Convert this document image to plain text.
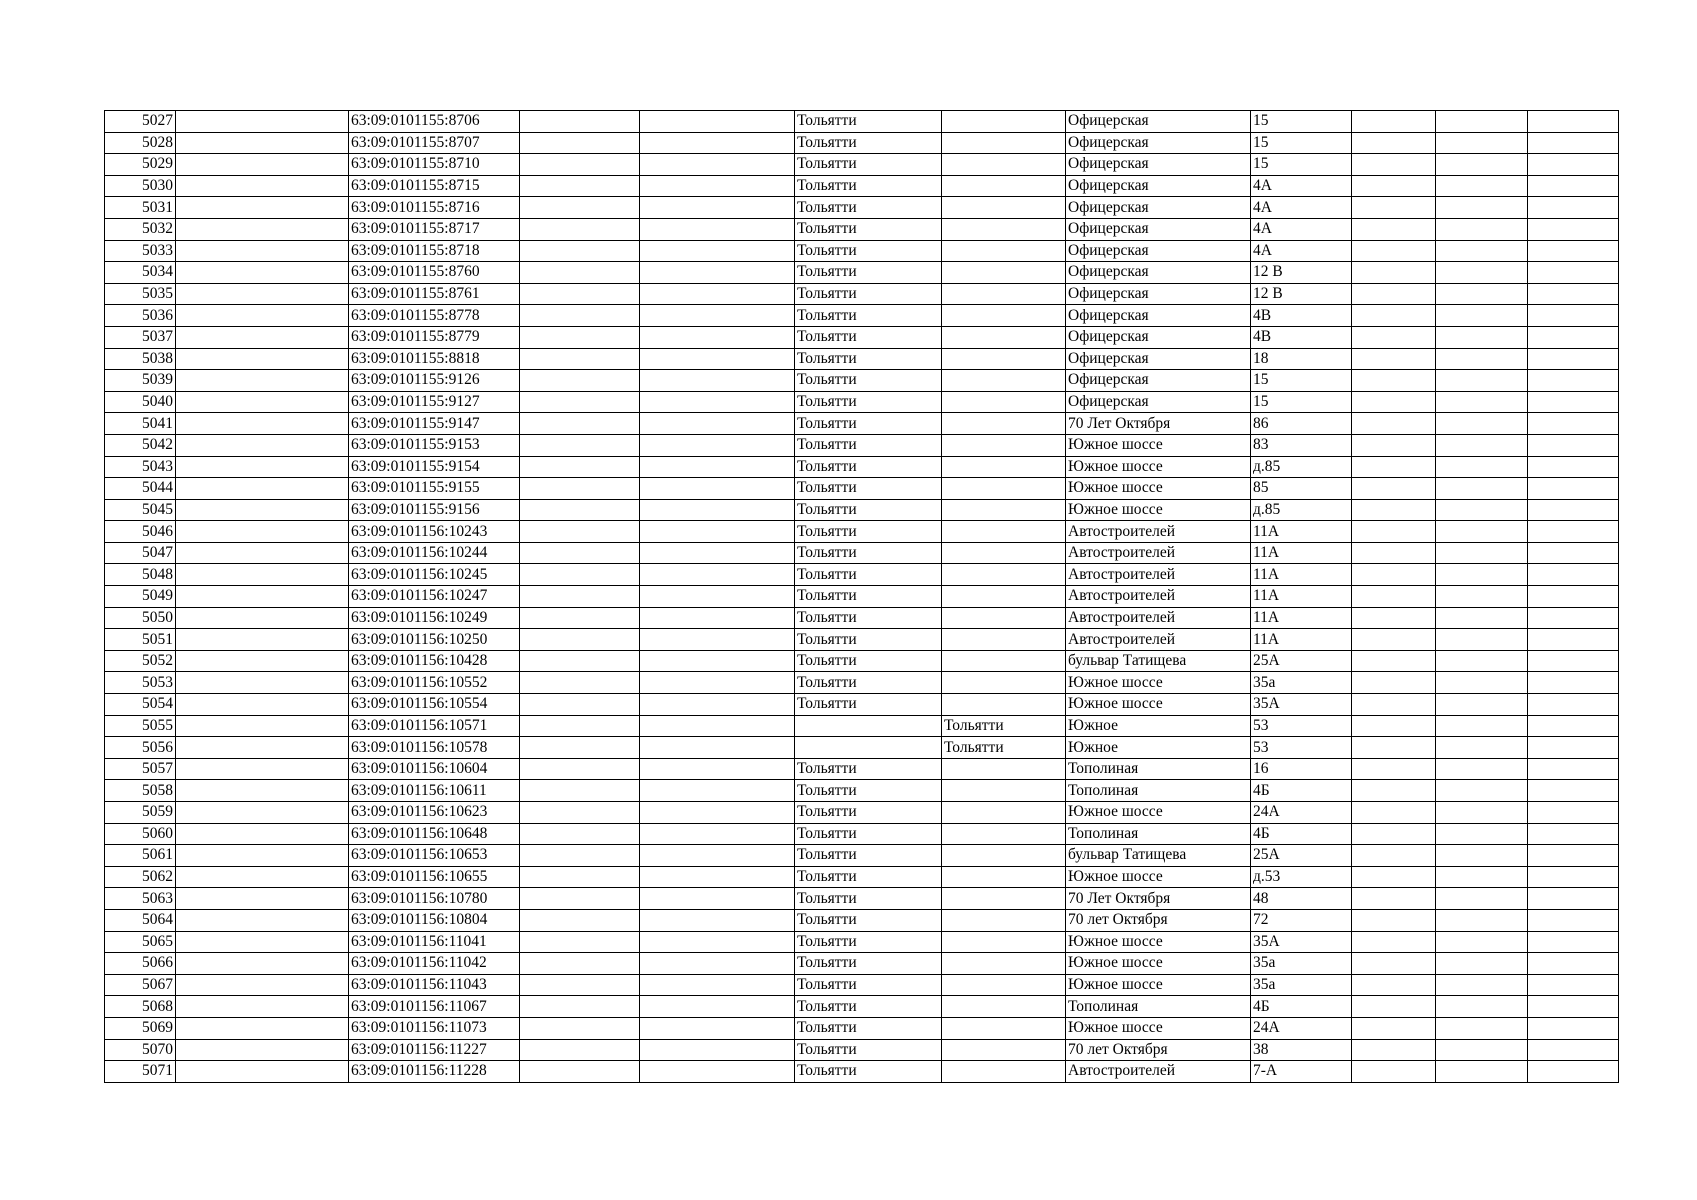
5027		63:09:0101155:8706			Тольятти		Офицерская	15			
5028		63:09:0101155:8707			Тольятти		Офицерская	15			
5029		63:09:0101155:8710			Тольятти		Офицерская	15			
5030		63:09:0101155:8715			Тольятти		Офицерская	4А			
5031		63:09:0101155:8716			Тольятти		Офицерская	4А			
5032		63:09:0101155:8717			Тольятти		Офицерская	4А			
5033		63:09:0101155:8718			Тольятти		Офицерская	4А			
5034		63:09:0101155:8760			Тольятти		Офицерская	12 В			
5035		63:09:0101155:8761			Тольятти		Офицерская	12 В			
5036		63:09:0101155:8778			Тольятти		Офицерская	4В			
5037		63:09:0101155:8779			Тольятти		Офицерская	4В			
5038		63:09:0101155:8818			Тольятти		Офицерская	18			
5039		63:09:0101155:9126			Тольятти		Офицерская	15			
5040		63:09:0101155:9127			Тольятти		Офицерская	15			
5041		63:09:0101155:9147			Тольятти		70 Лет Октября	86			
5042		63:09:0101155:9153			Тольятти		Южное шоссе	83			
5043		63:09:0101155:9154			Тольятти		Южное шоссе	д.85			
5044		63:09:0101155:9155			Тольятти		Южное шоссе	85			
5045		63:09:0101155:9156			Тольятти		Южное шоссе	д.85			
5046		63:09:0101156:10243			Тольятти		Автостроителей	11А			
5047		63:09:0101156:10244			Тольятти		Автостроителей	11А			
5048		63:09:0101156:10245			Тольятти		Автостроителей	11А			
5049		63:09:0101156:10247			Тольятти		Автостроителей	11А			
5050		63:09:0101156:10249			Тольятти		Автостроителей	11А			
5051		63:09:0101156:10250			Тольятти		Автостроителей	11А			
5052		63:09:0101156:10428			Тольятти		бульвар Татищева	25А			
5053		63:09:0101156:10552			Тольятти		Южное шоссе	35а			
5054		63:09:0101156:10554			Тольятти		Южное шоссе	35А			
5055		63:09:0101156:10571				Тольятти	Южное	53			
5056		63:09:0101156:10578				Тольятти	Южное	53			
5057		63:09:0101156:10604			Тольятти		Тополиная	16			
5058		63:09:0101156:10611			Тольятти		Тополиная	4Б			
5059		63:09:0101156:10623			Тольятти		Южное шоссе	24А			
5060		63:09:0101156:10648			Тольятти		Тополиная	4Б			
5061		63:09:0101156:10653			Тольятти		бульвар Татищева	25А			
5062		63:09:0101156:10655			Тольятти		Южное шоссе	д.53			
5063		63:09:0101156:10780			Тольятти		70 Лет Октября	48			
5064		63:09:0101156:10804			Тольятти		70 лет Октября	72			
5065		63:09:0101156:11041			Тольятти		Южное шоссе	35А			
5066		63:09:0101156:11042			Тольятти		Южное шоссе	35а			
5067		63:09:0101156:11043			Тольятти		Южное шоссе	35а			
5068		63:09:0101156:11067			Тольятти		Тополиная	4Б			
5069		63:09:0101156:11073			Тольятти		Южное шоссе	24А			
5070		63:09:0101156:11227			Тольятти		70 лет Октября	38			
5071		63:09:0101156:11228			Тольятти		Автостроителей	7-А			
